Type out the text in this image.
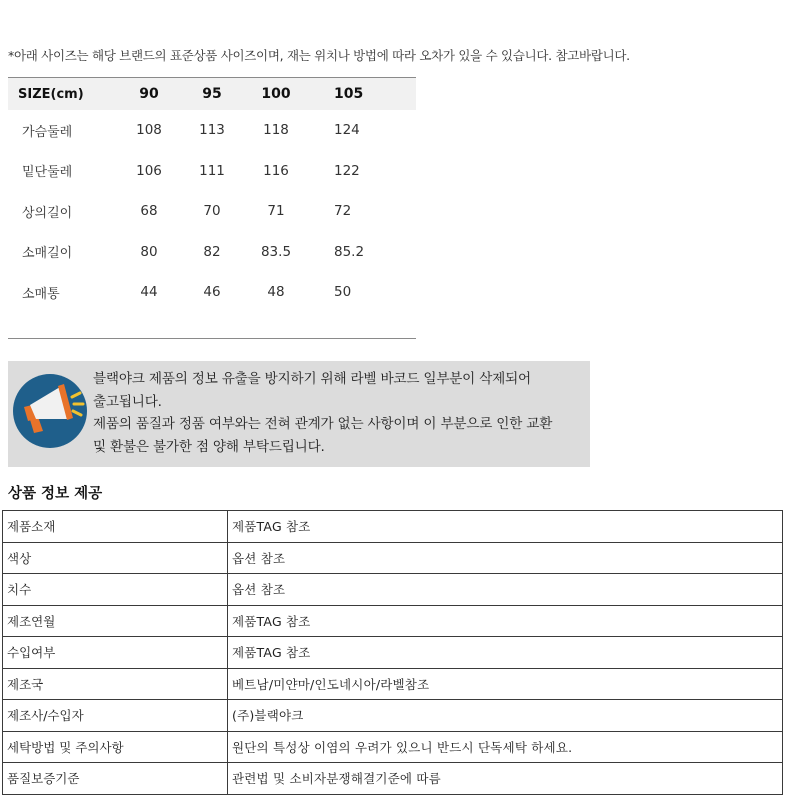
*아래 사이즈는 해당 브랜드의 표준상품 사이즈이며, 재는 위치나 방법에 따라 오차가 있을 수 있습니다. 참고바랍니다.
SIZE(cm)	90	95	100	105
가슴둘레	108	113	118	124
밑단둘레	106	111	116	122
상의길이	68	70	71	72
소매길이	80	82	83.5	85.2
소매통	44	46	48	50
블랙야크 제품의 정보 유출을 방지하기 위해 라벨 바코드 일부분이 삭제되어
출고됩니다.
제품의 품질과 정품 여부와는 전혀 관계가 없는 사항이며 이 부분으로 인한 교환
및 환불은 불가한 점 양해 부탁드립니다.
상품 정보 제공
제품소재	제품TAG 참조
색상	옵션 참조
치수	옵션 참조
제조연월	제품TAG 참조
수입여부	제품TAG 참조
제조국	베트남/미얀마/인도네시아/라벨참조
제조사/수입자	(주)블랙야크
세탁방법 및 주의사항	원단의 특성상 이염의 우려가 있으니 반드시 단독세탁 하세요.
품질보증기준	관련법 및 소비자분쟁해결기준에 따름
